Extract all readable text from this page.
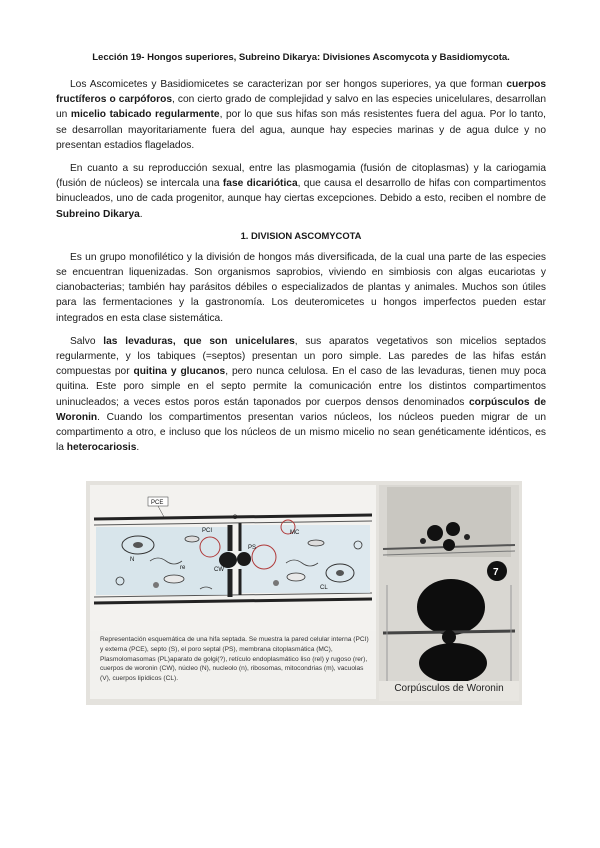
Lección 19- Hongos superiores, Subreino Dikarya: Divisiones Ascomycota y Basidiomycota.

Los Ascomicetes y Basidiomicetes se caracterizan por ser hongos superiores, ya que forman cuerpos fructíferos o carpóforos, con cierto grado de complejidad y salvo en las especies unicelulares, desarrollan un micelio tabicado regularmente, por lo que sus hifas son más resistentes fuera del agua. Por lo tanto, se desarrollan mayoritariamente fuera del agua, aunque hay especies marinas y de agua dulce y no presentan estadios flagelados.

En cuanto a su reproducción sexual, entre las plasmogamia (fusión de citoplasmas) y la cariogamia (fusión de núcleos) se intercala una fase dicariótica, que causa el desarrollo de hifas con compartimentos binucleados, uno de cada progenitor, aunque hay ciertas excepciones. Debido a esto, reciben el nombre de Subreino Dikarya.

1. DIVISION ASCOMYCOTA

Es un grupo monofilético y la división de hongos más diversificada, de la cual una parte de las especies se encuentran liquenizadas. Son organismos saprobios, viviendo en simbiosis con algas eucariotas y cianobacterias; también hay parásitos débiles o especializados de plantas y animales. Muchos son útiles para las fermentaciones y la gastronomía. Los deuteromicetes u hongos imperfectos pueden estar integrados en esta clase sistemática.

Salvo las levaduras, que son unicelulares, sus aparatos vegetativos son micelios septados regularmente, y los tabiques (=septos) presentan un poro simple. Las paredes de las hifas están compuestas por quitina y glucanos, pero nunca celulosa. En el caso de las levaduras, tienen muy poca quitina. Este poro simple en el septo permite la comunicación entre los distintos compartimentos uninucleados; a veces estos poros están taponados por cuerpos densos denominados corpúsculos de Woronin. Cuando los compartimentos presentan varios núcleos, los núcleos pueden migrar de un compartimento a otro, e incluso que los núcleos de un mismo micelio no sean genéticamente idénticos, es la heterocariosis.

PCE
PCI
S
PS
MC
N
CW
re
CL
Representación esquemática de una hifa septada. Se muestra la pared celular interna (PCI) y externa (PCE), septo (S), el poro septal (PS), membrana citoplasmática (MC), Plasmolomasomas (PL)aparato de golgi(?), retículo endoplasmático liso (rel) y rugoso (rer), cuerpos de woronin (CW), núcleo (N), nucleolo (n), ribosomas, mitocondrias (m), vacuolas (V), cuerpos lipídicos (CL).
7
Corpúsculos de Woronin
